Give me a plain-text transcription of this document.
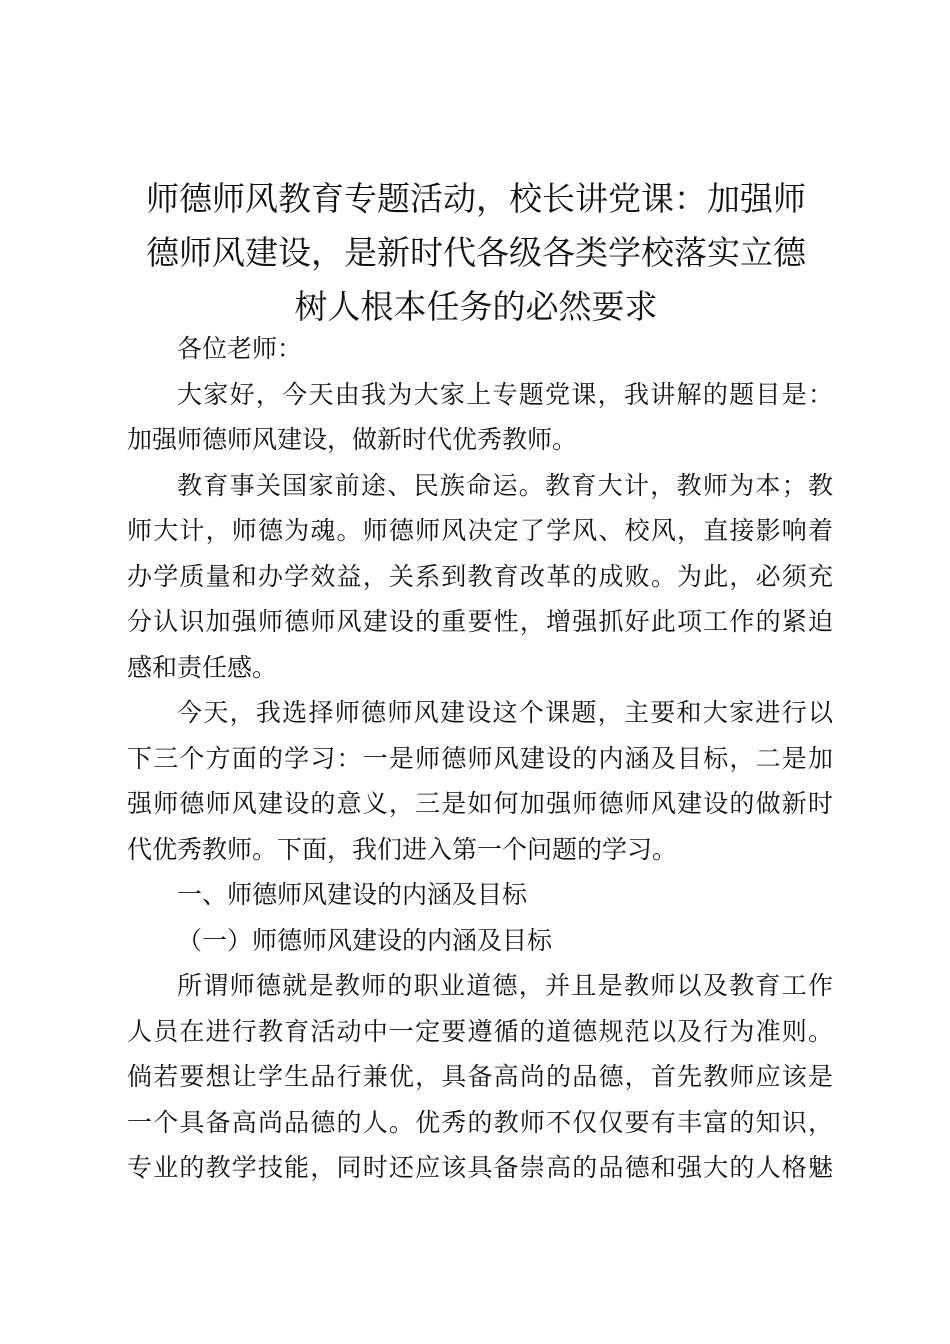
师德师风教育专题活动，校长讲党课：加强师
德师风建设，是新时代各级各类学校落实立德
树人根本任务的必然要求
各位老师：
大家好，今天由我为大家上专题党课，我讲解的题目是：
加强师德师风建设，做新时代优秀教师。
教育事关国家前途、民族命运。教育大计，教师为本；教
师大计，师德为魂。师德师风决定了学风、校风，直接影响着
办学质量和办学效益，关系到教育改革的成败。为此，必须充
分认识加强师德师风建设的重要性，增强抓好此项工作的紧迫
感和责任感。
今天，我选择师德师风建设这个课题，主要和大家进行以
下三个方面的学习：一是师德师风建设的内涵及目标，二是加
强师德师风建设的意义，三是如何加强师德师风建设的做新时
代优秀教师。下面，我们进入第一个问题的学习。
一、师德师风建设的内涵及目标
（一）师德师风建设的内涵及目标
所谓师德就是教师的职业道德，并且是教师以及教育工作
人员在进行教育活动中一定要遵循的道德规范以及行为准则。
倘若要想让学生品行兼优，具备高尚的品德，首先教师应该是
一个具备高尚品德的人。优秀的教师不仅仅要有丰富的知识，
专业的教学技能，同时还应该具备崇高的品德和强大的人格魅
